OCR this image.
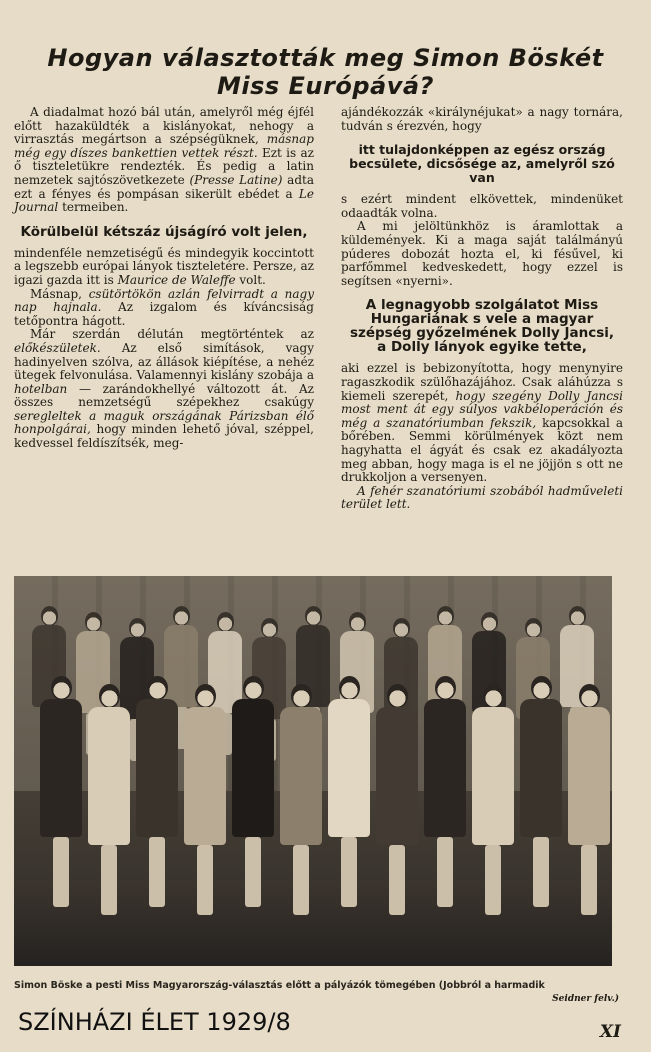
Hogyan választották meg Simon Böskét
Miss Európává?

A diadalmat hozó bál után, amelyről még éjfél előtt hazaküldték a kislányokat, nehogy a virrasztás megártson a szépségüknek, másnap még egy díszes bankettien vettek részt. Ezt is az ő tiszteletükre rendezték. És pedig a latin nemzetek sajtószövetkezete (Presse Latine) adta ezt a fényes és pompásan sikerült ebédet a Le Journal termeiben.

Körülbelül kétszáz újságíró volt jelen,

mindenféle nemzetiségű és mindegyik koccintott a legszebb európai lányok tiszteletére. Persze, az igazi gazda itt is Maurice de Waleffe volt.

Másnap, csütörtökön azlán felvirradt a nagy nap hajnala. Az izgalom és kíváncsiság tetőpontra hágott.

Már szerdán délután megtörténtek az előkészületek. Az első simítások, vagy hadinyelven szólva, az állások kiépítése, a nehéz ütegek felvonulása. Valamennyi kislány szobája a hotelban — zarándokhellyé változott át. Az összes nemzetségű szépekhez csakúgy seregleltek a maguk országának Párizsban élő honpolgárai, hogy minden lehető jóval, széppel, kedvessel feldíszítsék, meg-

ajándékozzák «királynéjukat» a nagy tornára, tudván s érezvén, hogy

itt tulajdonképpen az egész ország becsülete, dicsősége az, amelyről szó van

s ezért mindent elkövettek, mindenüket odaadták volna.

A mi jelöltünkhöz is áramlottak a küldemények. Ki a maga saját találmányú púderes dobozát hozta el, ki fésűvel, ki parfőmmel kedveskedett, hogy ezzel is segítsen «nyerni».

A legnagyobb szolgálatot Miss Hungariának s vele a magyar szépség győzelmének Dolly Jancsi, a Dolly lányok egyike tette,

aki ezzel is bebizonyította, hogy menynyire ragaszkodik szülőhazájához. Csak aláhúzza s kiemeli szerepét, hogy szegény Dolly Jancsi most ment át egy súlyos vakbéloperáción és még a szanatóriumban fekszik, kapcsokkal a bőrében. Semmi körülmények közt nem hagyhatta el ágyát és csak ez akadályozta meg abban, hogy maga is el ne jöjjön s ott ne drukkoljon a versenyen.

A fehér szanatóriumi szobából hadműveleti terület lett.

Simon Böske a pesti Miss Magyarország-választás előtt a pályázók tömegében (Jobbról a harmadik
Seidner felv.)
SZÍNHÁZI ÉLET 1929/8	XI
